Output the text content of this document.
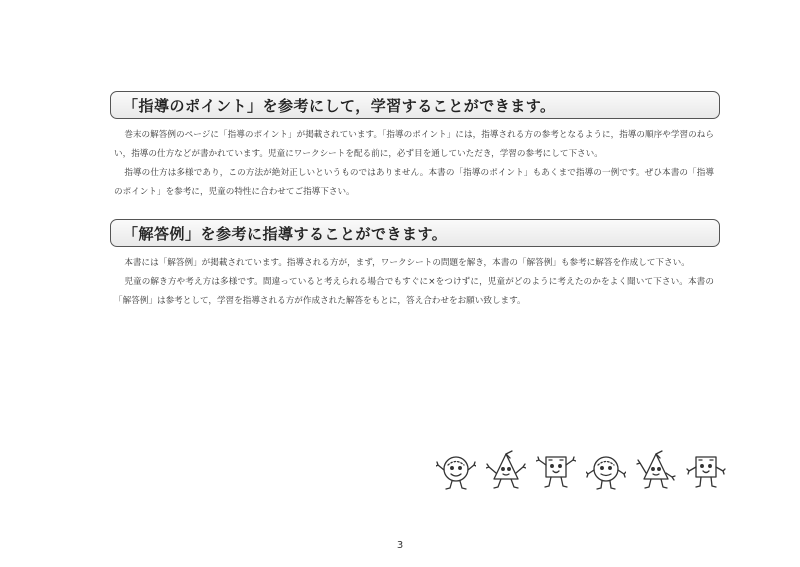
「指導のポイント」を参考にして，学習することができます。

巻末の解答例のページに「指導のポイント」が掲載されています。「指導のポイント」には，指導される方の参考となるように，指導の順序や学習のねらい，指導の仕方などが書かれています。児童にワークシートを配る前に，必ず目を通していただき，学習の参考にして下さい。

指導の仕方は多様であり，この方法が絶対正しいというものではありません。本書の「指導のポイント」もあくまで指導の一例です。ぜひ本書の「指導のポイント」を参考に，児童の特性に合わせてご指導下さい。

「解答例」を参考に指導することができます。

本書には「解答例」が掲載されています。指導される方が，まず，ワークシートの問題を解き，本書の「解答例」も参考に解答を作成して下さい。

児童の解き方や考え方は多様です。間違っていると考えられる場合でもすぐに×をつけずに，児童がどのように考えたのかをよく聞いて下さい。本書の「解答例」は参考として，学習を指導される方が作成された解答をもとに，答え合わせをお願い致します。

3
